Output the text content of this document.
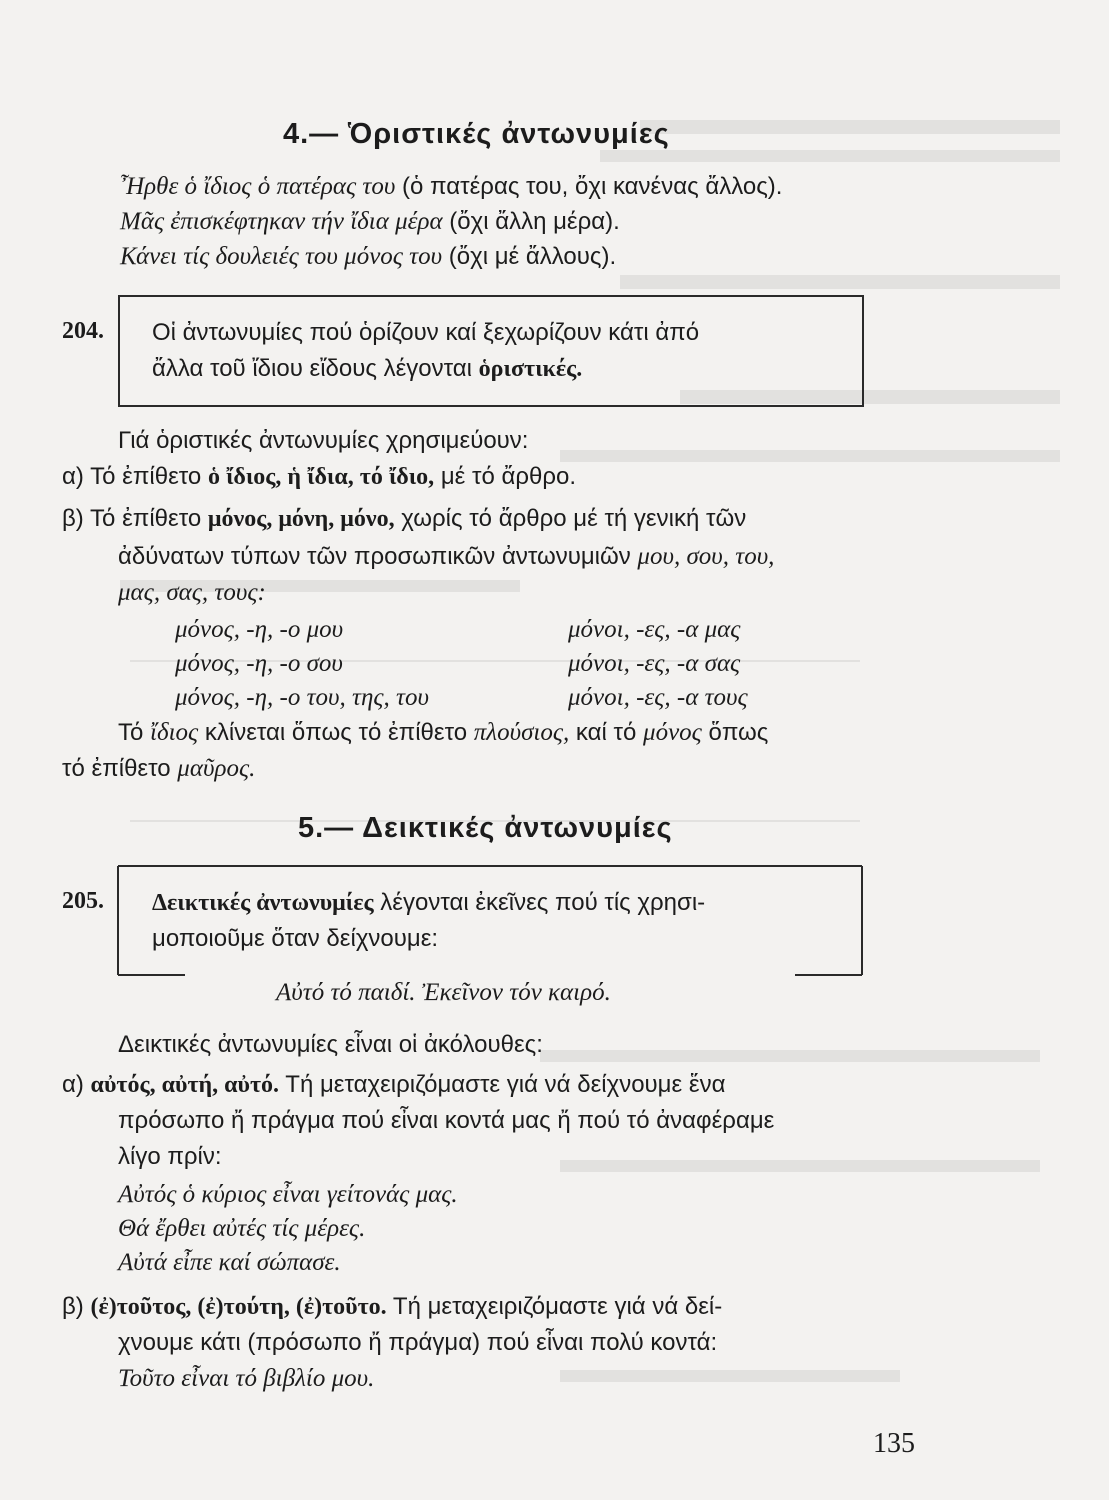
4.— Ὁριστικές ἀντωνυμίες
Ἦρθε ὁ ἴδιος ὁ πατέρας του (ὁ πατέρας του, ὄχι κανένας ἄλλος).
Μᾶς ἐπισκέφτηκαν τήν ἴδια μέρα (ὄχι ἄλλη μέρα).
Κάνει τίς δουλειές του μόνος του (ὄχι μέ ἄλλους).
204. Οἱ ἀντωνυμίες πού ὁρίζουν καί ξεχωρίζουν κάτι ἀπό
ἄλλα τοῦ ἴδιου εἴδους λέγονται ὁριστικές.
Γιά ὁριστικές ἀντωνυμίες χρησιμεύουν:
α) Τό ἐπίθετο ὁ ἴδιος, ἡ ἴδια, τό ἴδιο, μέ τό ἄρθρο.
β) Τό ἐπίθετο μόνος, μόνη, μόνο, χωρίς τό ἄρθρο μέ τή γενική τῶν
ἀδύνατων τύπων τῶν προσωπικῶν ἀντωνυμιῶν μου, σου, του,
μας, σας, τους:
μόνος, -η, -ο μου
μόνος, -η, -ο σου
μόνος, -η, -ο του, της, του
μόνοι, -ες, -α μας
μόνοι, -ες, -α σας
μόνοι, -ες, -α τους
Τό ἴδιος κλίνεται ὅπως τό ἐπίθετο πλούσιος, καί τό μόνος ὅπως
τό ἐπίθετο μαῦρος.
5.— Δεικτικές ἀντωνυμίες
205. Δεικτικές ἀντωνυμίες λέγονται ἐκεῖνες πού τίς χρησι-
μοποιοῦμε ὅταν δείχνουμε:
Αὐτό τό παιδί. Ἐκεῖνον τόν καιρό.
Δεικτικές ἀντωνυμίες εἶναι οἱ ἀκόλουθες:
α) αὐτός, αὐτή, αὐτό. Τή μεταχειριζόμαστε γιά νά δείχνουμε ἕνα
πρόσωπο ἤ πράγμα πού εἶναι κοντά μας ἤ πού τό ἀναφέραμε
λίγο πρίν:
Αὐτός ὁ κύριος εἶναι γείτονάς μας.
Θά ἔρθει αὐτές τίς μέρες.
Αὐτά εἶπε καί σώπασε.
β) (ἐ)τοῦτος, (ἐ)τούτη, (ἐ)τοῦτο. Τή μεταχειριζόμαστε γιά νά δεί-
χνουμε κάτι (πρόσωπο ἤ πράγμα) πού εἶναι πολύ κοντά:
Τοῦτο εἶναι τό βιβλίο μου.
135
